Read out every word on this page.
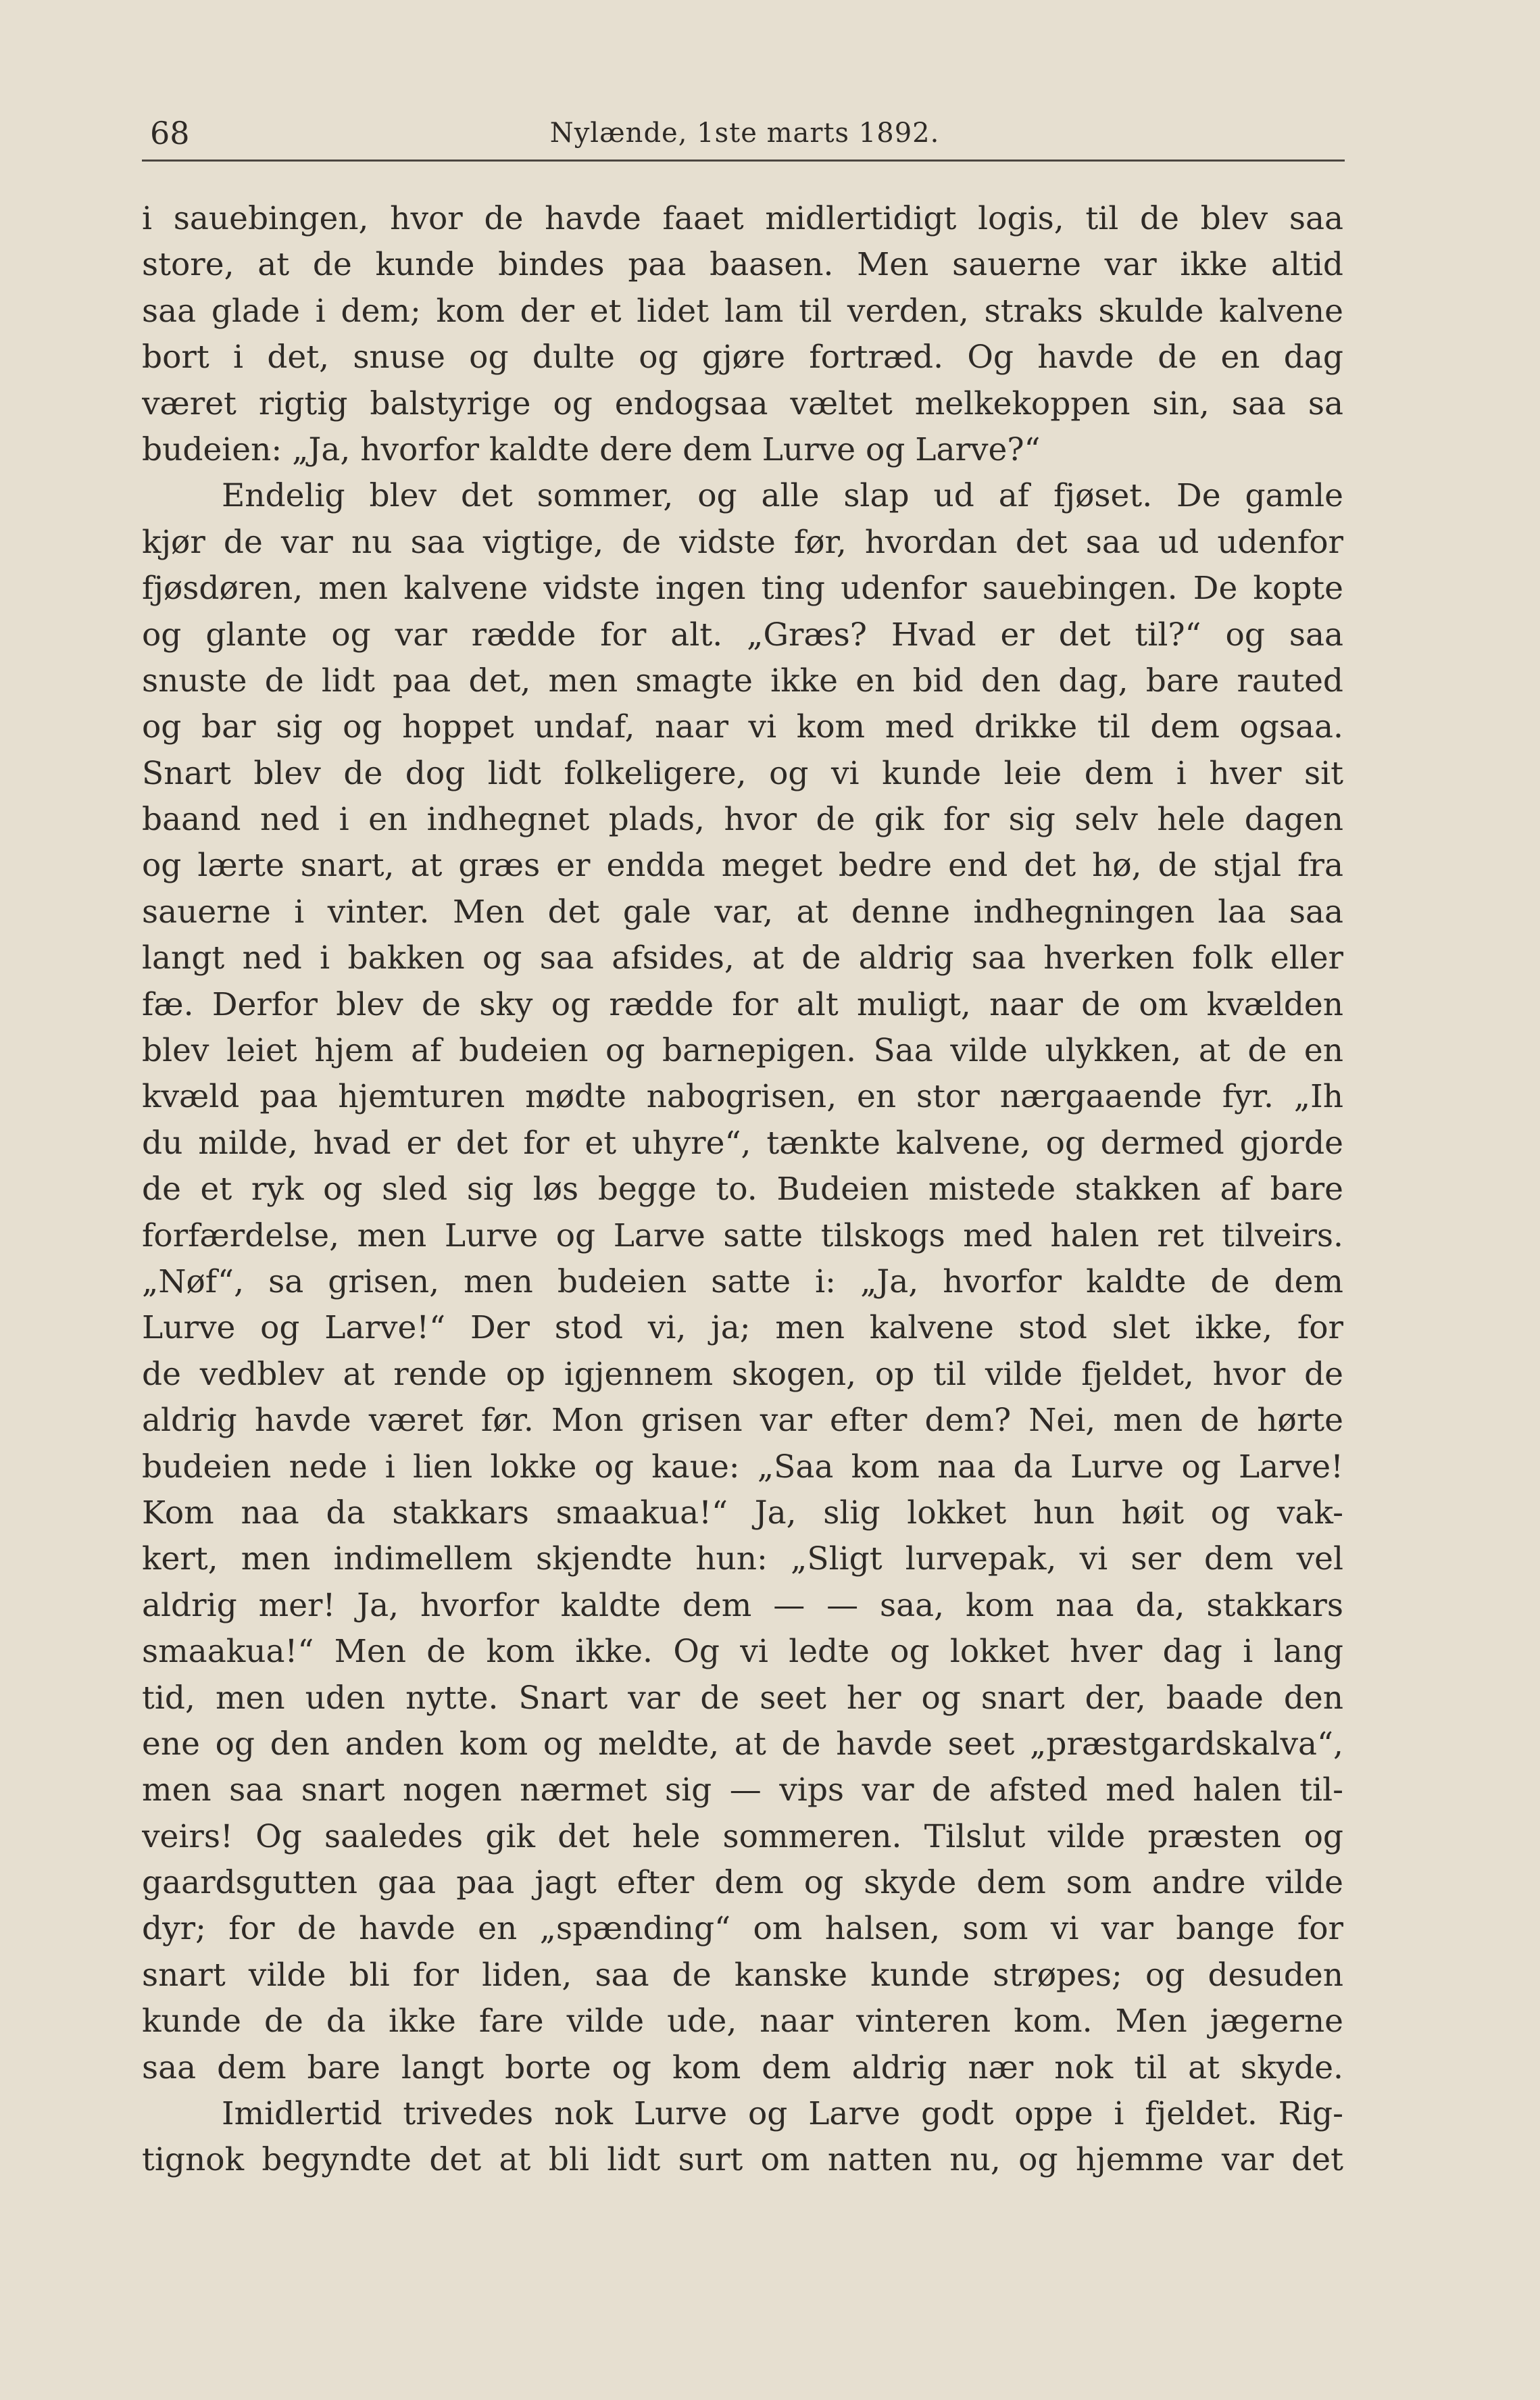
68	Nylænde, 1ste marts 1892.
i sauebingen, hvor de havde faaet midlertidigt logis, til de blev saa
store, at de kunde bindes paa baasen. Men sauerne var ikke altid
saa glade i dem; kom der et lidet lam til verden, straks skulde kalvene
bort i det, snuse og dulte og gjøre fortræd. Og havde de en dag
været rigtig balstyrige og endogsaa væltet melkekoppen sin, saa sa
budeien: „Ja, hvorfor kaldte dere dem Lurve og Larve?“
Endelig blev det sommer, og alle slap ud af fjøset. De gamle
kjør de var nu saa vigtige, de vidste før, hvordan det saa ud udenfor
fjøsdøren, men kalvene vidste ingen ting udenfor sauebingen. De kopte
og glante og var rædde for alt. „Græs? Hvad er det til?“ og saa
snuste de lidt paa det, men smagte ikke en bid den dag, bare rauted
og bar sig og hoppet undaf, naar vi kom med drikke til dem ogsaa.
Snart blev de dog lidt folkeligere, og vi kunde leie dem i hver sit
baand ned i en indhegnet plads, hvor de gik for sig selv hele dagen
og lærte snart, at græs er endda meget bedre end det hø, de stjal fra
sauerne i vinter. Men det gale var, at denne indhegningen laa saa
langt ned i bakken og saa afsides, at de aldrig saa hverken folk eller
fæ. Derfor blev de sky og rædde for alt muligt, naar de om kvælden
blev leiet hjem af budeien og barnepigen. Saa vilde ulykken, at de en
kvæld paa hjemturen mødte nabogrisen, en stor nærgaaende fyr. „Ih
du milde, hvad er det for et uhyre“, tænkte kalvene, og dermed gjorde
de et ryk og sled sig løs begge to. Budeien mistede stakken af bare
forfærdelse, men Lurve og Larve satte tilskogs med halen ret tilveirs.
„Nøf“, sa grisen, men budeien satte i: „Ja, hvorfor kaldte de dem
Lurve og Larve!“ Der stod vi, ja; men kalvene stod slet ikke, for
de vedblev at rende op igjennem skogen, op til vilde fjeldet, hvor de
aldrig havde været før. Mon grisen var efter dem? Nei, men de hørte
budeien nede i lien lokke og kaue: „Saa kom naa da Lurve og Larve!
Kom naa da stakkars smaakua!“ Ja, slig lokket hun høit og vak-
kert, men indimellem skjendte hun: „Sligt lurvepak, vi ser dem vel
aldrig mer! Ja, hvorfor kaldte dem — — saa, kom naa da, stakkars
smaakua!“ Men de kom ikke. Og vi ledte og lokket hver dag i lang
tid, men uden nytte. Snart var de seet her og snart der, baade den
ene og den anden kom og meldte, at de havde seet „præstgardskalva“,
men saa snart nogen nærmet sig — vips var de afsted med halen til-
veirs! Og saaledes gik det hele sommeren. Tilslut vilde præsten og
gaardsgutten gaa paa jagt efter dem og skyde dem som andre vilde
dyr; for de havde en „spænding“ om halsen, som vi var bange for
snart vilde bli for liden, saa de kanske kunde strøpes; og desuden
kunde de da ikke fare vilde ude, naar vinteren kom. Men jægerne
saa dem bare langt borte og kom dem aldrig nær nok til at skyde.
Imidlertid trivedes nok Lurve og Larve godt oppe i fjeldet. Rig-
tignok begyndte det at bli lidt surt om natten nu, og hjemme var det
